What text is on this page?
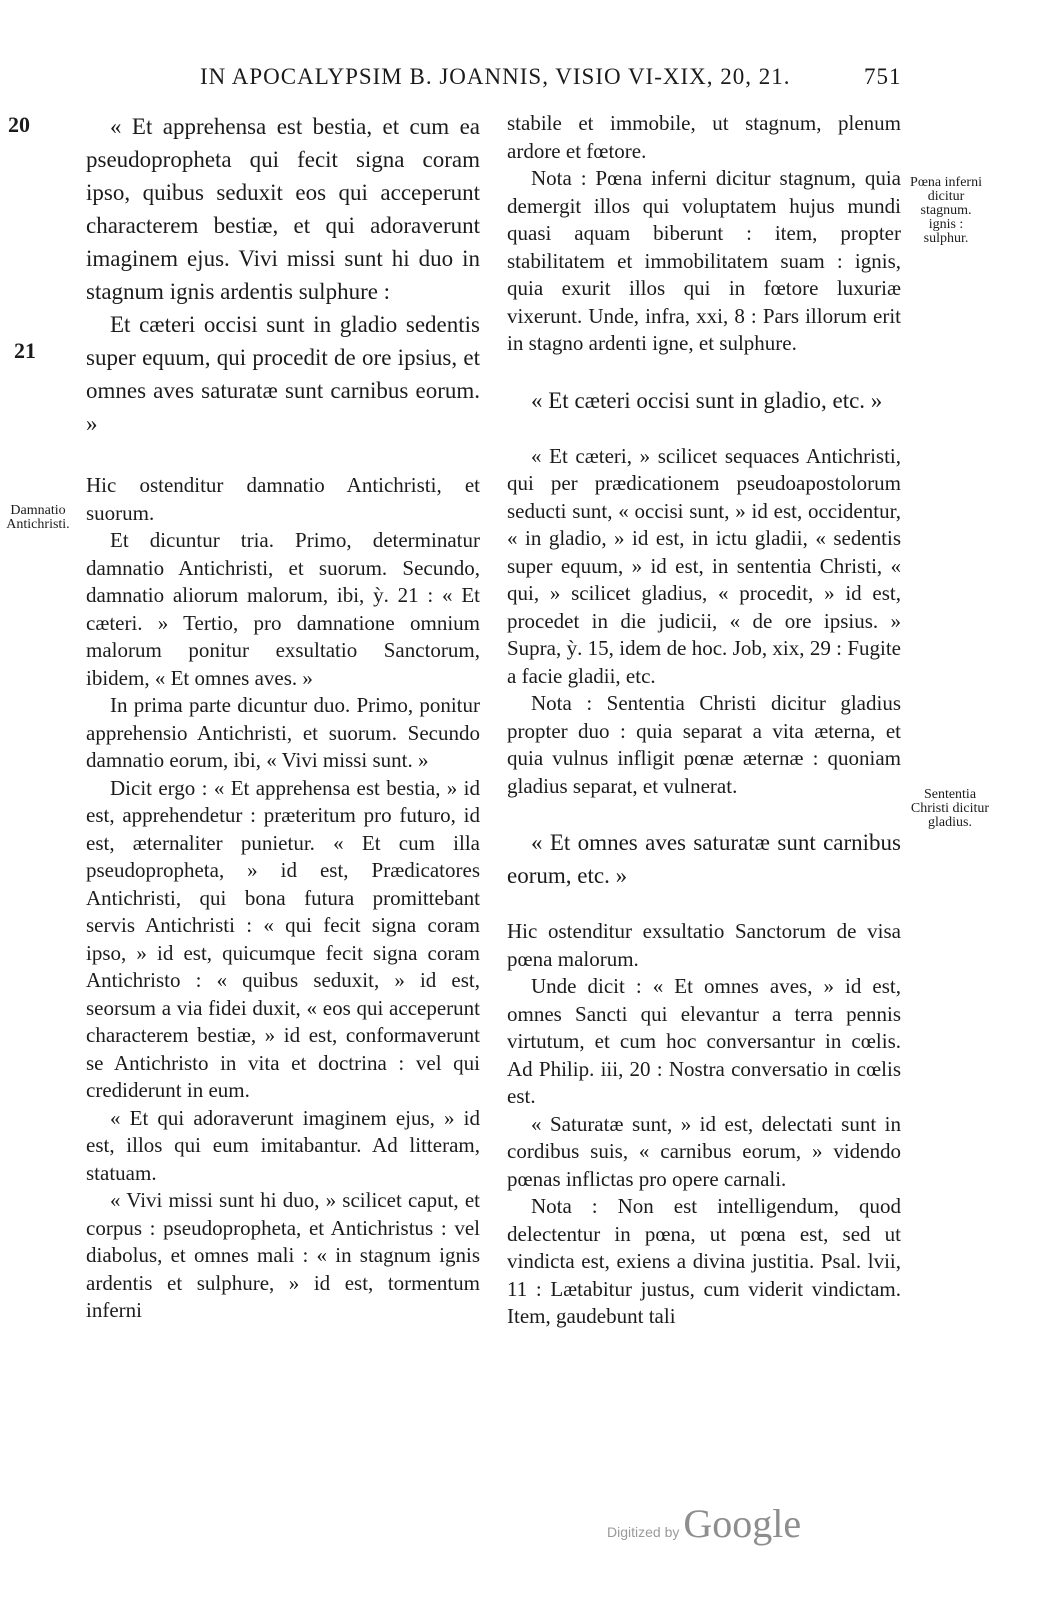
IN APOCALYPSIM B. JOANNIS, VISIO VI-XIX, 20, 21.	751
20
21
Damnatio Antichristi.
Pœna inferni dicitur stagnum. ignis : sulphur.
Sententia Christi dicitur gladius.

« Et apprehensa est bestia, et cum ea pseudopropheta qui fecit signa coram ipso, quibus seduxit eos qui acceperunt characterem bestiæ, et qui adoraverunt imaginem ejus. Vivi missi sunt hi duo in stagnum ignis ardentis sulphure :

Et cæteri occisi sunt in gladio sedentis super equum, qui procedit de ore ipsius, et omnes aves saturatæ sunt carnibus eorum. »

Hic ostenditur damnatio Antichristi, et suorum.

Et dicuntur tria. Primo, determinatur damnatio Antichristi, et suorum. Secundo, damnatio aliorum malorum, ibi, ỳ. 21 : « Et cæteri. » Tertio, pro damnatione omnium malorum ponitur exsultatio Sanctorum, ibidem, « Et omnes aves. »

In prima parte dicuntur duo. Primo, ponitur apprehensio Antichristi, et suorum. Secundo damnatio eorum, ibi, « Vivi missi sunt. »

Dicit ergo : « Et apprehensa est bestia, » id est, apprehendetur : præteritum pro futuro, id est, æternaliter punietur. « Et cum illa pseudopropheta, » id est, Prædicatores Antichristi, qui bona futura promittebant servis Antichristi : « qui fecit signa coram ipso, » id est, quicumque fecit signa coram Antichristo : « quibus seduxit, » id est, seorsum a via fidei duxit, « eos qui acceperunt characterem bestiæ, » id est, conformaverunt se Antichristo in vita et doctrina : vel qui crediderunt in eum.

« Et qui adoraverunt imaginem ejus, » id est, illos qui eum imitabantur. Ad litteram, statuam.

« Vivi missi sunt hi duo, » scilicet caput, et corpus : pseudopropheta, et Antichristus : vel diabolus, et omnes mali : « in stagnum ignis ardentis et sulphure, » id est, tormentum inferni

stabile et immobile, ut stagnum, plenum ardore et fœtore.

Nota : Pœna inferni dicitur stagnum, quia demergit illos qui voluptatem hujus mundi quasi aquam biberunt : item, propter stabilitatem et immobilitatem suam : ignis, quia exurit illos qui in fœtore luxuriæ vixerunt. Unde, infra, xxi, 8 : Pars illorum erit in stagno ardenti igne, et sulphure.

« Et cæteri occisi sunt in gladio, etc. »

« Et cæteri, » scilicet sequaces Antichristi, qui per prædicationem pseudoapostolorum seducti sunt, « occisi sunt, » id est, occidentur, « in gladio, » id est, in ictu gladii, « sedentis super equum, » id est, in sententia Christi, « qui, » scilicet gladius, « procedit, » id est, procedet in die judicii, « de ore ipsius. » Supra, ỳ. 15, idem de hoc. Job, xix, 29 : Fugite a facie gladii, etc.

Nota : Sententia Christi dicitur gladius propter duo : quia separat a vita æterna, et quia vulnus infligit pœnæ æternæ : quoniam gladius separat, et vulnerat.

« Et omnes aves saturatæ sunt carnibus eorum, etc. »

Hic ostenditur exsultatio Sanctorum de visa pœna malorum.

Unde dicit : « Et omnes aves, » id est, omnes Sancti qui elevantur a terra pennis virtutum, et cum hoc conversantur in cœlis. Ad Philip. iii, 20 : Nostra conversatio in cœlis est.

« Saturatæ sunt, » id est, delectati sunt in cordibus suis, « carnibus eorum, » videndo pœnas inflictas pro opere carnali.

Nota : Non est intelligendum, quod delectentur in pœna, ut pœna est, sed ut vindicta est, exiens a divina justitia. Psal. lvii, 11 : Lætabitur justus, cum viderit vindictam. Item, gaudebunt tali

Digitized by Google
